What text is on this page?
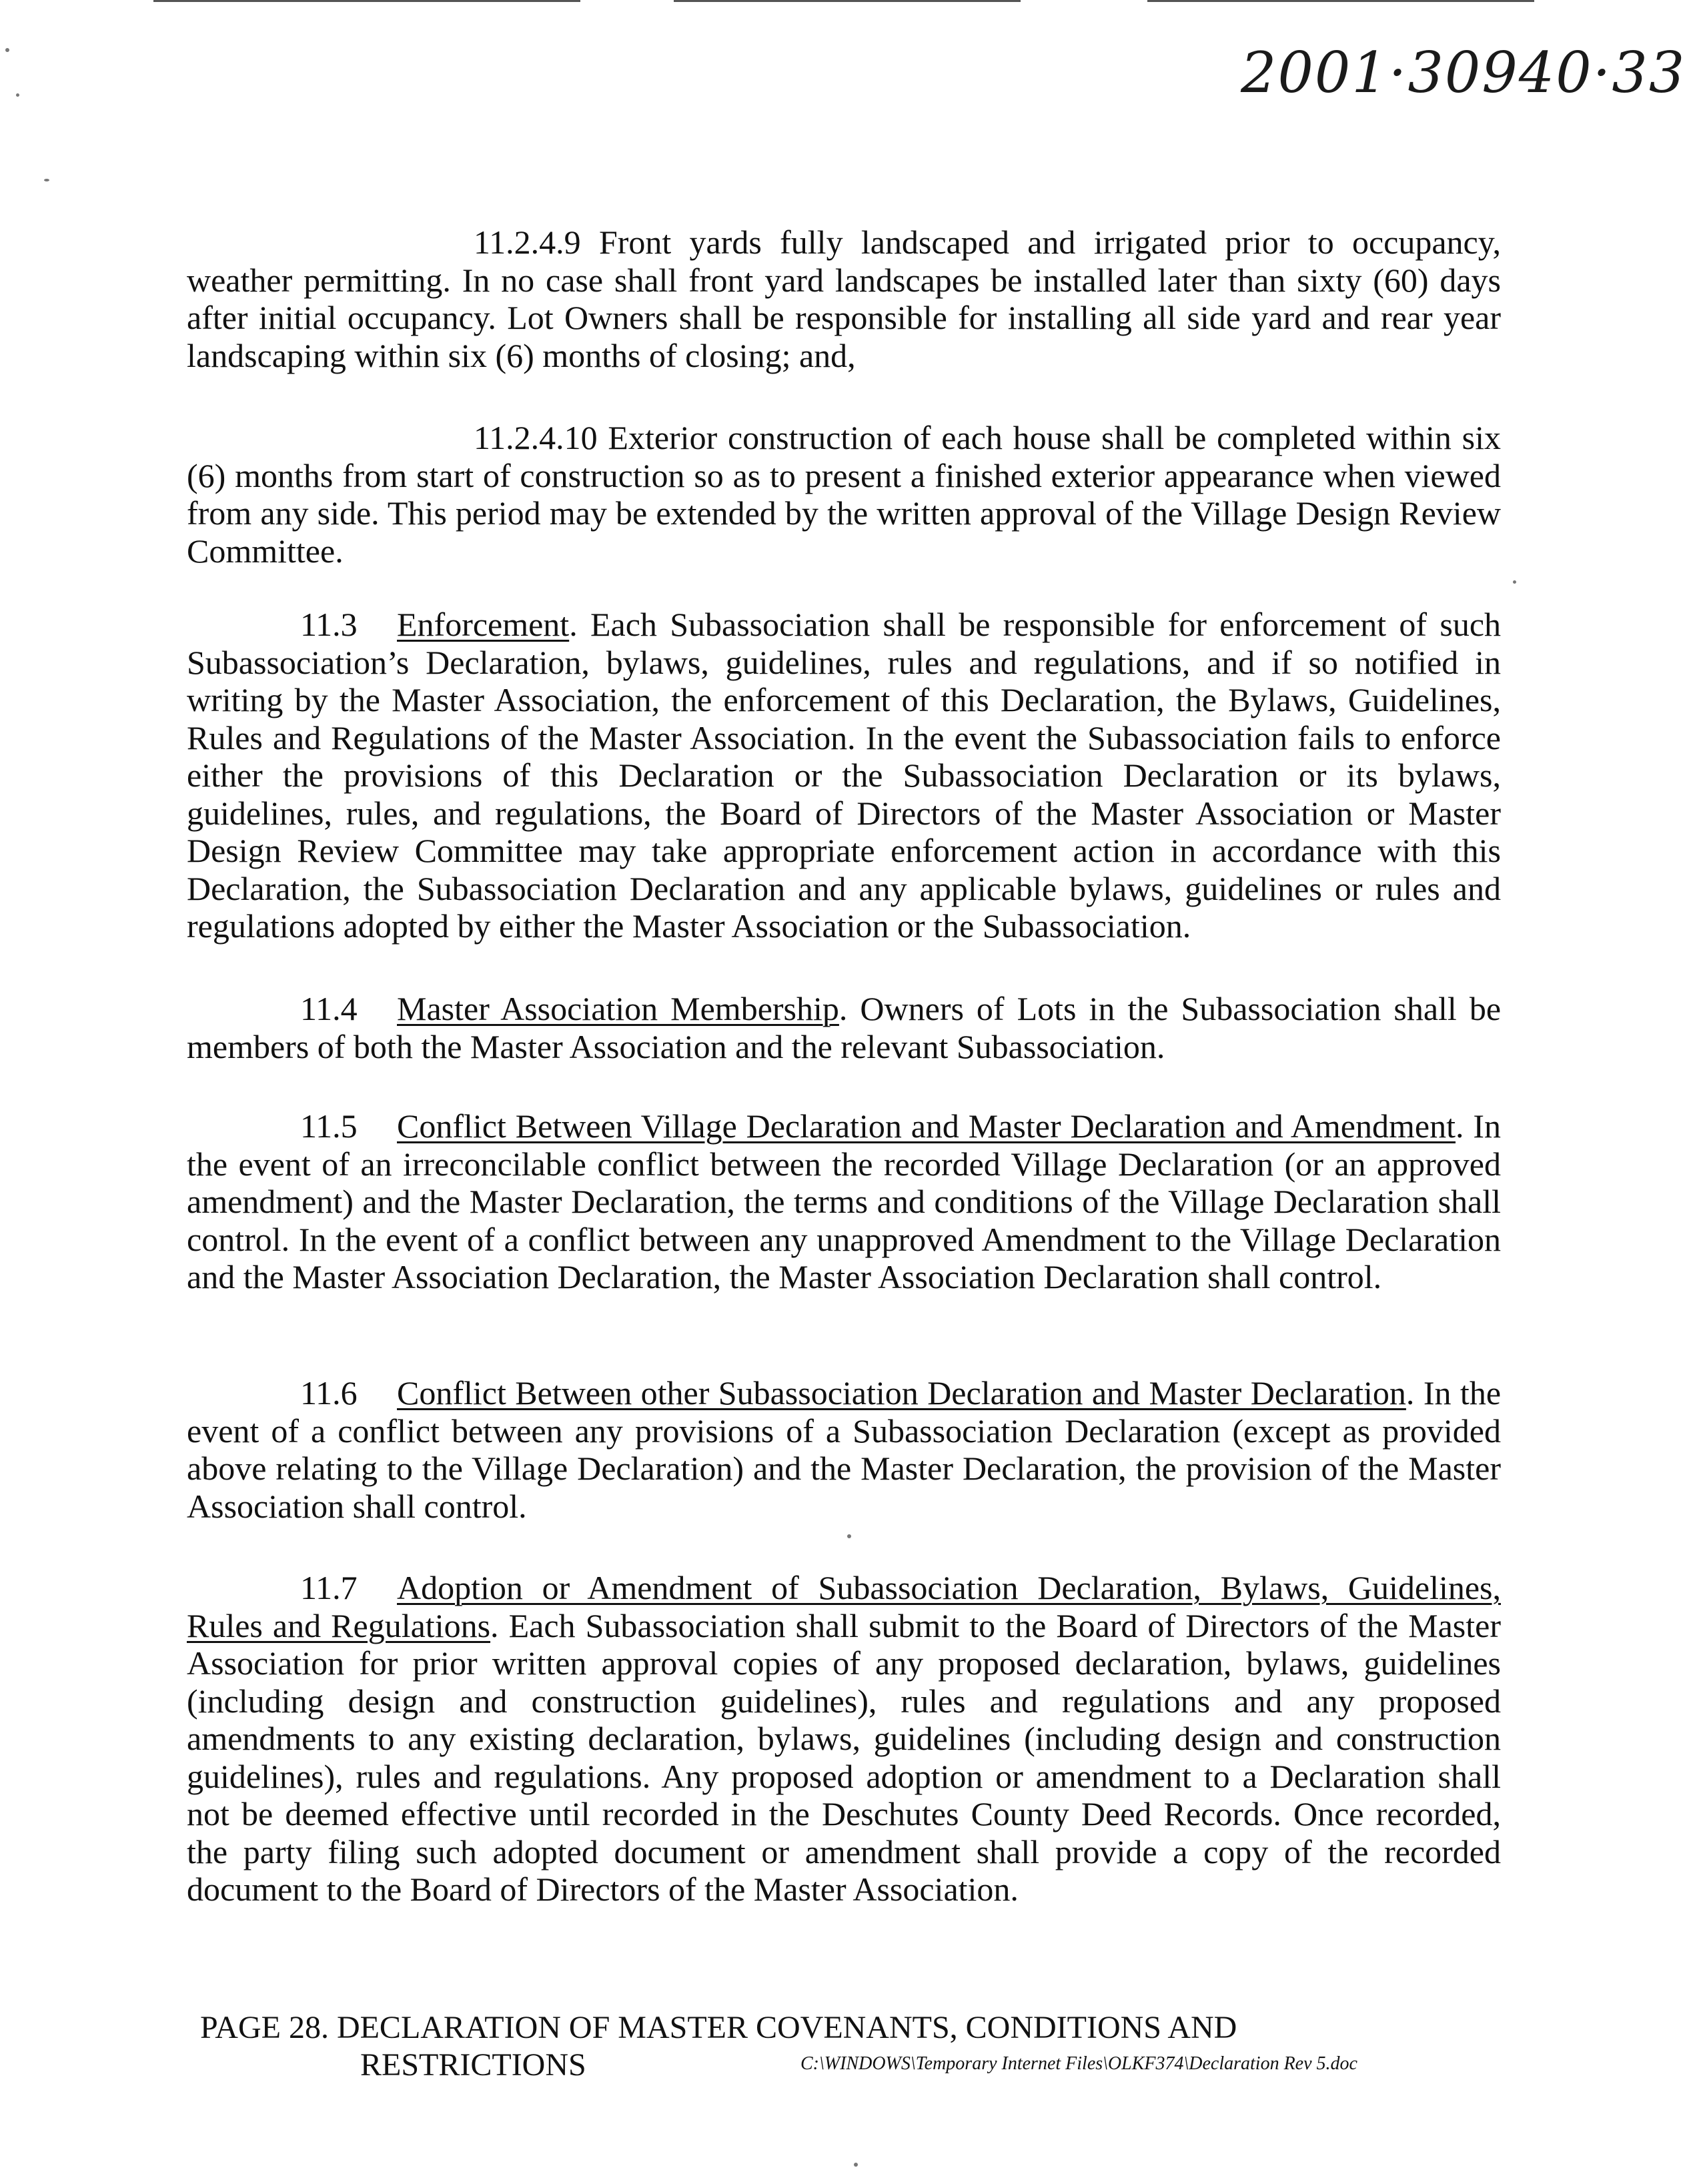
2001·30940·33

11.2.4.9 Front yards fully landscaped and irrigated prior to occupancy, weather permitting. In no case shall front yard landscapes be installed later than sixty (60) days after initial occupancy. Lot Owners shall be responsible for installing all side yard and rear year landscaping within six (6) months of closing; and,

11.2.4.10 Exterior construction of each house shall be completed within six (6) months from start of construction so as to present a finished exterior appearance when viewed from any side. This period may be extended by the written approval of the Village Design Review Committee.

11.3 Enforcement. Each Subassociation shall be responsible for enforcement of such Subassociation’s Declaration, bylaws, guidelines, rules and regulations, and if so notified in writing by the Master Association, the enforcement of this Declaration, the Bylaws, Guidelines, Rules and Regulations of the Master Association. In the event the Subassociation fails to enforce either the provisions of this Declaration or the Subassociation Declaration or its bylaws, guidelines, rules, and regulations, the Board of Directors of the Master Association or Master Design Review Committee may take appropriate enforcement action in accordance with this Declaration, the Subassociation Declaration and any applicable bylaws, guidelines or rules and regulations adopted by either the Master Association or the Subassociation.

11.4 Master Association Membership. Owners of Lots in the Subassociation shall be members of both the Master Association and the relevant Subassociation.

11.5 Conflict Between Village Declaration and Master Declaration and Amendment. In the event of an irreconcilable conflict between the recorded Village Declaration (or an approved amendment) and the Master Declaration, the terms and conditions of the Village Declaration shall control. In the event of a conflict between any unapproved Amendment to the Village Declaration and the Master Association Declaration, the Master Association Declaration shall control.

11.6 Conflict Between other Subassociation Declaration and Master Declaration. In the event of a conflict between any provisions of a Subassociation Declaration (except as provided above relating to the Village Declaration) and the Master Declaration, the provision of the Master Association shall control.

11.7 Adoption or Amendment of Subassociation Declaration, Bylaws, Guidelines, Rules and Regulations. Each Subassociation shall submit to the Board of Directors of the Master Association for prior written approval copies of any proposed declaration, bylaws, guidelines (including design and construction guidelines), rules and regulations and any proposed amendments to any existing declaration, bylaws, guidelines (including design and construction guidelines), rules and regulations. Any proposed adoption or amendment to a Declaration shall not be deemed effective until recorded in the Deschutes County Deed Records. Once recorded, the party filing such adopted document or amendment shall provide a copy of the recorded document to the Board of Directors of the Master Association.

PAGE 28. DECLARATION OF MASTER COVENANTS, CONDITIONS AND
RESTRICTIONS	C:\WINDOWS\Temporary Internet Files\OLKF374\Declaration Rev 5.doc
